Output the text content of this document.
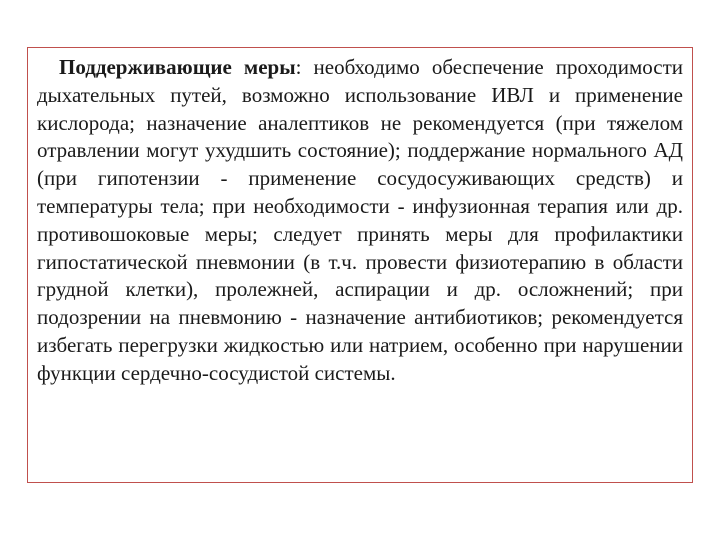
Поддерживающие меры: необходимо обеспечение проходимости дыхательных путей, возможно использование ИВЛ и применение кислорода; назначение аналептиков не рекомендуется (при тяжелом отравлении могут ухудшить состояние); поддержание нормального АД (при гипотензии - применение сосудосуживающих средств) и температуры тела; при необходимости - инфузионная терапия или др. противошоковые меры; следует принять меры для профилактики гипостатической пневмонии (в т.ч. провести физиотерапию в области грудной клетки), пролежней, аспирации и др. осложнений; при подозрении на пневмонию - назначение антибиотиков; рекомендуется избегать перегрузки жидкостью или натрием, особенно при нарушении функции сердечно-сосудистой системы.
